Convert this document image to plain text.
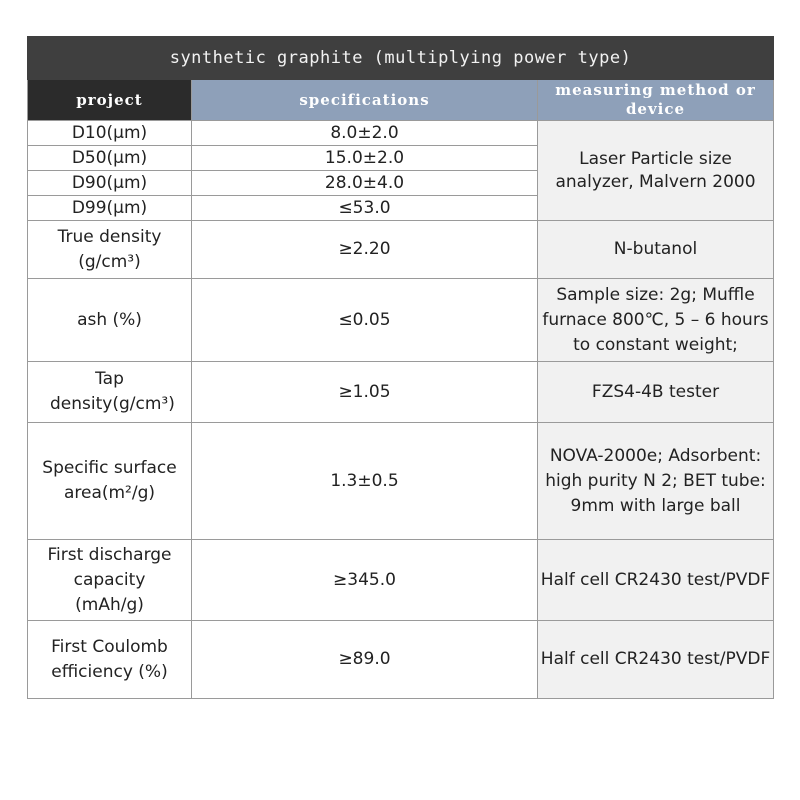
synthetic graphite (multiplying power type)		
project	specifications	measuring method or device
D10(μm)	8.0±2.0	Laser Particle size analyzer, Malvern 2000
D50(μm)	15.0±2.0	
D90(μm)	28.0±4.0	
D99(μm)	≤53.0	
True density (g/cm³)	≥2.20	N-butanol
ash (%)	≤0.05	Sample size: 2g; Muffle furnace 800℃, 5 – 6 hours to constant weight;
Tap density(g/cm³)	≥1.05	FZS4-4B tester
Specific surface area(m²/g)	1.3±0.5	NOVA-2000e; Adsorbent: high purity N 2; BET tube: 9mm with large ball
First discharge capacity (mAh/g)	≥345.0	Half cell CR2430 test/PVDF
First Coulomb efficiency (%)	≥89.0	Half cell CR2430 test/PVDF
